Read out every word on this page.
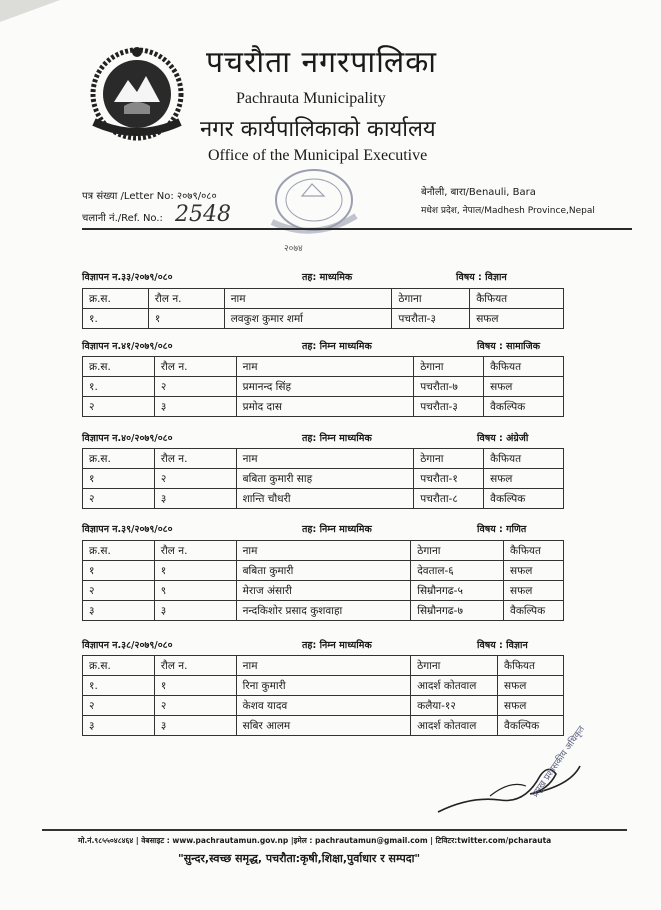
पचरौता नगरपालिका
Pachrauta Municipality
नगर कार्यपालिकाको कार्यालय
Office of the Municipal Executive
पत्र संख्या /Letter No: २०७९/०८०
चलानी नं./Ref. No.: 2548
२०७४
बेनौली, बारा/Benauli, Bara
मधेश प्रदेश, नेपाल/Madhesh Province,Nepal
विज्ञापन न.३३/२०७९/०८०	तह: माध्यमिक	विषय : विज्ञान
क्र.स.	रौल न.	नाम	ठेगाना	कैफियत
१.	१	लवकुश कुमार शर्मा	पचरौता-३	सफल
विज्ञापन न.४१/२०७९/०८०	तह: निम्न माध्यमिक	विषय : सामाजिक
क्र.स.	रौल न.	नाम	ठेगाना	कैफियत
१.	२	प्रमानन्द सिंह	पचरौता-७	सफल
२	३	प्रमोद दास	पचरौता-३	वैकल्पिक
विज्ञापन न.४०/२०७९/०८०	तह: निम्न माध्यमिक	विषय : अंग्रेजी
क्र.स.	रौल न.	नाम	ठेगाना	कैफियत
१	२	बबिता कुमारी साह	पचरौता-१	सफल
२	३	शान्ति चौधरी	पचरौता-८	वैकल्पिक
विज्ञापन न.३९/२०७९/०८०	तह: निम्न माध्यमिक	विषय : गणित
क्र.स.	रौल न.	नाम	ठेगाना	कैफियत
१	१	बबिता कुमारी	देवताल-६	सफल
२	९	मेराज अंसारी	सिम्रौनगढ-५	सफल
३	३	नन्दकिशोर प्रसाद कुशवाहा	सिम्रौनगढ-७	वैकल्पिक
विज्ञापन न.३८/२०७९/०८०	तह: निम्न माध्यमिक	विषय : विज्ञान
क्र.स.	रौल न.	नाम	ठेगाना	कैफियत
१.	१	रिना कुमारी	आदर्श कोतवाल	सफल
२	२	केशव यादव	कलैया-१२	सफल
३	३	सबिर आलम	आदर्श कोतवाल	वैकल्पिक
प्रमुख प्रशासकीय अधिकृत
मो.नं.९८५५०४८४६४ | वेबसाइट : www.pachrautamun.gov.np |इमेल : pachrautamun@gmail.com | टिविटर:twitter.com/pcharauta
"सुन्दर,स्वच्छ समृद्ध, पचरौता:कृषी,शिक्षा,पुर्वाधार र सम्पदा"
